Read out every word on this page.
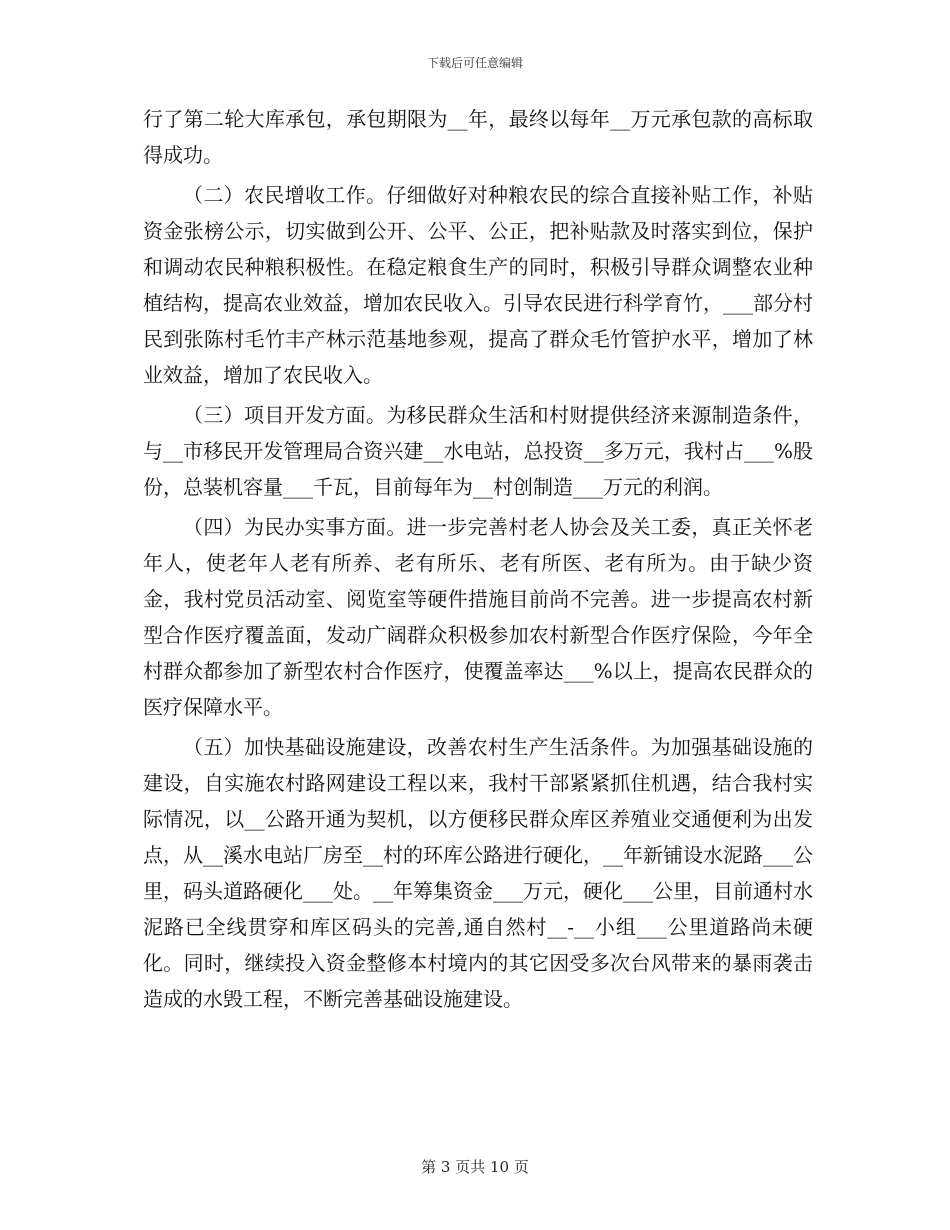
下载后可任意编辑

行了第二轮大库承包，承包期限为__年，最终以每年__万元承包款的高标取得成功。

（二）农民增收工作。仔细做好对种粮农民的综合直接补贴工作，补贴资金张榜公示，切实做到公开、公平、公正，把补贴款及时落实到位，保护和调动农民种粮积极性。在稳定粮食生产的同时，积极引导群众调整农业种植结构，提高农业效益，增加农民收入。引导农民进行科学育竹，___部分村民到张陈村毛竹丰产林示范基地参观，提高了群众毛竹管护水平，增加了林业效益，增加了农民收入。

（三）项目开发方面。为移民群众生活和村财提供经济来源制造条件，与__市移民开发管理局合资兴建__水电站，总投资__多万元，我村占___%股份，总装机容量___千瓦，目前每年为__村创制造___万元的利润。

（四）为民办实事方面。进一步完善村老人协会及关工委，真正关怀老年人，使老年人老有所养、老有所乐、老有所医、老有所为。由于缺少资金，我村党员活动室、阅览室等硬件措施目前尚不完善。进一步提高农村新型合作医疗覆盖面，发动广阔群众积极参加农村新型合作医疗保险，今年全村群众都参加了新型农村合作医疗，使覆盖率达___%以上，提高农民群众的医疗保障水平。

（五）加快基础设施建设，改善农村生产生活条件。为加强基础设施的建设，自实施农村路网建设工程以来，我村干部紧紧抓住机遇，结合我村实际情况，以__公路开通为契机，以方便移民群众库区养殖业交通便利为出发点，从__溪水电站厂房至__村的环库公路进行硬化，__年新铺设水泥路___公里，码头道路硬化___处。__年筹集资金___万元，硬化___公里，目前通村水泥路已全线贯穿和库区码头的完善,通自然村__-__小组___公里道路尚未硬化。同时，继续投入资金整修本村境内的其它因受多次台风带来的暴雨袭击造成的水毁工程，不断完善基础设施建设。

第 3 页共 10 页
